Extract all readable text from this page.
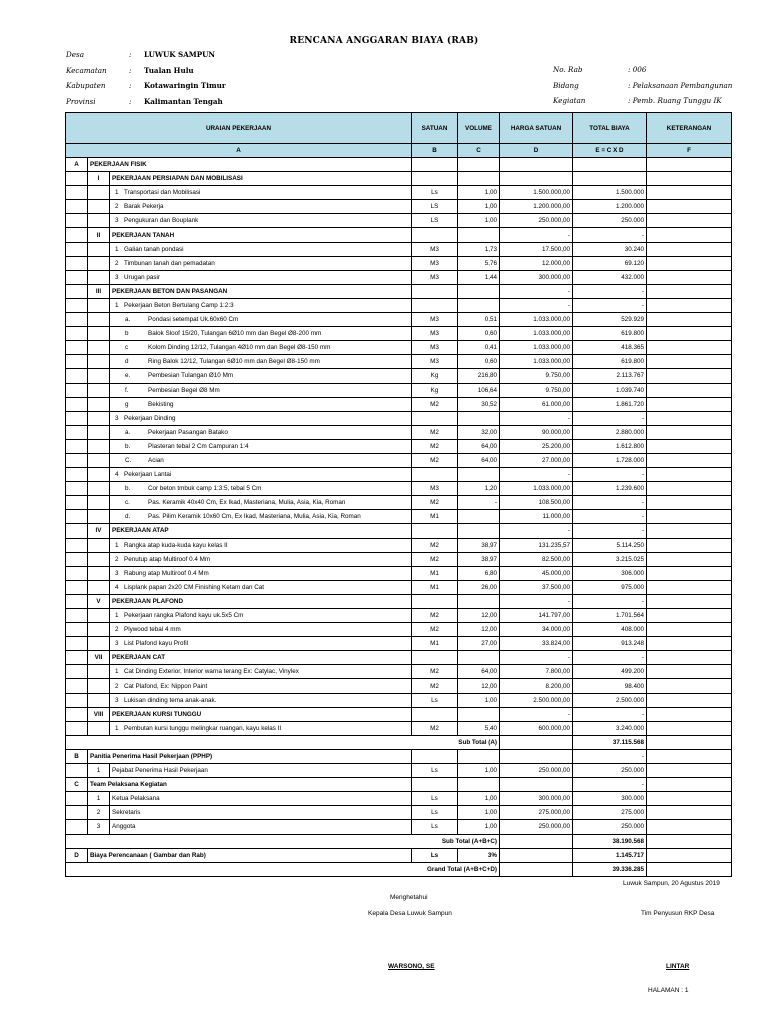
RENCANA ANGGARAN BIAYA (RAB)
Desa	: LUWUK SAMPUN
Kecamatan	: Tualan Hulu
Kabupaten	: Kotawaringin Timur
Provinsi	: Kalimantan Tengah
No. Rab	: 006
Bidang	: Pelaksanaan Pembangunan
Kegiatan	: Pemb. Ruang Tunggu IK
URAIAN PEKERJAAN			SATUAN	VOLUME	HARGA SATUAN	TOTAL BIAYA	KETERANGAN
A			B	C	D	E = C X D	F
A	PEKERJAAN FISIK						
	I	PEKERJAAN PERSIAPAN DAN MOBILISASI					
		1 Transportasi dan Mobilisasi	Ls	1,00	1.500.000,00	1.500.000	
		2 Barak Pekerja	LS	1,00	1.200.000,00	1.200.000	
		3 Pengukuran dan Bouplank	LS	1,00	250.000,00	250.000	
	II	PEKERJAAN TANAH			-	-	
		1 Galian tanah pondasi	M3	1,73	17.500,00	30.240	
		2 Timbunan tanah dan pemadatan	M3	5,76	12.000,00	69.120	
		3 Urugan pasir	M3	1,44	300.000,00	432.000	
	III	PEKERJAAN BETON DAN PASANGAN			-	-	
		1 Pekerjaan Beton Bertulang Camp 1:2:3			-	-	
		a. Pondasi setempat Uk.60x60 Cm	M3	0,51	1.033.000,00	529.929	
		b Balok Sloof 15/20, Tulangan 6Ø10 mm dan Begel Ø8-200 mm	M3	0,60	1.033.000,00	619.800	
		c Kolom Dinding 12/12, Tulangan 4Ø10 mm dan Begel Ø8-150 mm	M3	0,41	1.033.000,00	418.365	
		d Ring Balok 12/12, Tulangan 6Ø10 mm dan Begel Ø8-150 mm	M3	0,60	1.033.000,00	619.800	
		e. Pembesian Tulangan Ø10 Mm	Kg	216,80	9.750,00	2.113.767	
		f. Pembesian Begel Ø8 Mm	Kg	106,64	9.750,00	1.039.740	
		g Bekisting	M2	30,52	61.000,00	1.861.720	
		3 Pekerjaan Dinding			-	-	
		a. Pekerjaan Pasangan Batako	M2	32,00	90.000,00	2.880.000	
		b. Plasteran tebal 2 Cm Campuran 1:4	M2	64,00	25.200,00	1.612.800	
		C. Acian	M2	64,00	27.000,00	1.728.000	
		4 Pekerjaan Lantai			-	-	
		b. Cor beton tmbuk camp 1:3:5, tebal 5 Cm	M3	1,20	1.033.000,00	1.239.600	
		c. Pas. Keramik 40x40 Cm, Ex Ikad, Masteriana, Mulia, Asia, Kia, Roman	M2	-	108.500,00	-	
		d. Pas. Pilim Keramik 10x60 Cm, Ex Ikad, Masteriana, Mulia, Asia, Kia, Roman	M1		11.000,00	-	
	IV	PEKERJAAN ATAP			-	-	
		1 Rangka atap kuda-kuda kayu kelas II	M2	38,97	131.235,57	5.114.250	
		2 Penutup atap Multiroof 0.4 Mm	M2	38,97	82.500,00	3.215.025	
		3 Rabung atap Multiroof 0.4 Mm	M1	6,80	45.000,00	306.000	
		4 Lisplank papan 2x20 CM Finishing Ketam dan Cat	M1	26,00	37.500,00	975.000	
	V	PEKERJAAN PLAFOND			-	-	
		1 Pekerjaan rangka Plafond kayu uk.5x5 Cm	M2	12,00	141.797,00	1.701.564	
		2 Plywood tebal 4 mm	M2	12,00	34.000,00	408.000	
		3 List Plafond kayu Profil	M1	27,00	33.824,00	913.248	
	VII	PEKERJAAN CAT			-	-	
		1 Cat Dinding Exterior, Interior warna terang Ex: Catylac, Vinylex	M2	64,00	7.800,00	499.200	
		2 Cat Plafond, Ex: Nippon Paint	M2	12,00	8.200,00	98.400	
		3 Lukisan dinding tema anak-anak.	Ls	1,00	2.500.000,00	2.500.000	
	VIII	PEKERJAAN KURSI TUNGGU			-	-	
		1 Pembutan kursi tunggu melingkar ruangan, kayu kelas II	M2	5,40	600.000,00	3.240.000	
Sub Total (A)						37.115.568	
B	Panitia Penerima Hasil Pekerjaan (PPHP)					-	
	1	Pejabat Penerima Hasil Pekerjaan	Ls	1,00	250.000,00	250.000	
C	Team Pelaksana Kegiatan					-	
	1	Ketua Pelaksana	Ls	1,00	300.000,00	300.000	
	2	Sekretaris	Ls	1,00	275.000,00	275.000	
	3	Anggota	Ls	1,00	250.000,00	250.000	
Sub Total (A+B+C)						38.190.568	
D	Biaya Perencanaan ( Gambar dan Rab)		Ls	3%		1.145.717	
Grand Total (A+B+C+D)						39.336.285	
Luwuk Sampun, 20 Agustus 2019
Menghetahui
Kepala Desa Luwuk Sampun	Tim Penyusun RKP Desa
WARSONO, SE	LINTAR
HALAMAN : 1
